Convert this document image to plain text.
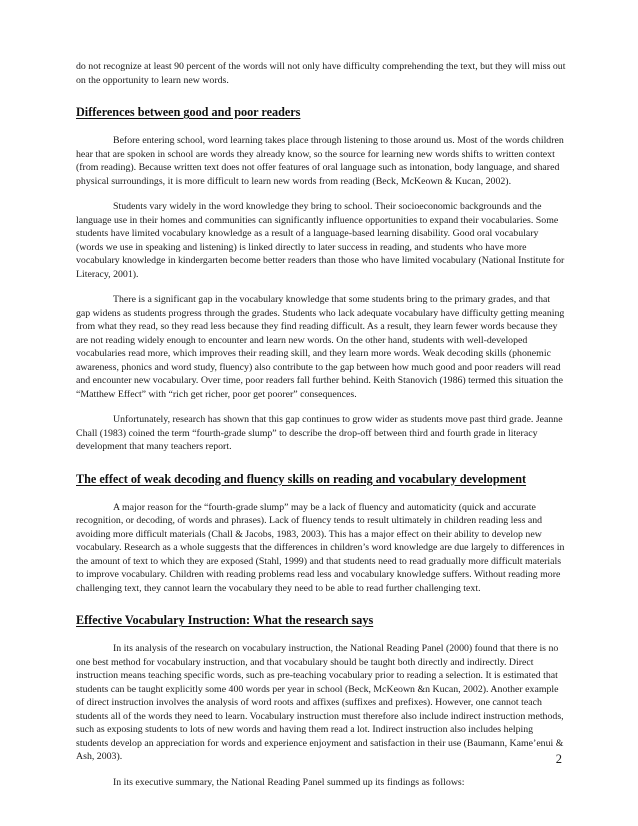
do not recognize at least 90 percent of the words will not only have difficulty comprehending the text, but they will miss out on the opportunity to learn new words.

Differences between good and poor readers

Before entering school, word learning takes place through listening to those around us. Most of the words children hear that are spoken in school are words they already know, so the source for learning new words shifts to written context (from reading). Because written text does not offer features of oral language such as intonation, body language, and shared physical surroundings, it is more difficult to learn new words from reading (Beck, McKeown & Kucan, 2002).

Students vary widely in the word knowledge they bring to school. Their socioeconomic backgrounds and the language use in their homes and communities can significantly influence opportunities to expand their vocabularies. Some students have limited vocabulary knowledge as a result of a language-based learning disability. Good oral vocabulary (words we use in speaking and listening) is linked directly to later success in reading, and students who have more vocabulary knowledge in kindergarten become better readers than those who have limited vocabulary (National Institute for Literacy, 2001).

There is a significant gap in the vocabulary knowledge that some students bring to the primary grades, and that gap widens as students progress through the grades. Students who lack adequate vocabulary have difficulty getting meaning from what they read, so they read less because they find reading difficult. As a result, they learn fewer words because they are not reading widely enough to encounter and learn new words. On the other hand, students with well-developed vocabularies read more, which improves their reading skill, and they learn more words. Weak decoding skills (phonemic awareness, phonics and word study, fluency) also contribute to the gap between how much good and poor readers will read and encounter new vocabulary. Over time, poor readers fall further behind. Keith Stanovich (1986) termed this situation the “Matthew Effect” with “rich get richer, poor get poorer” consequences.

Unfortunately, research has shown that this gap continues to grow wider as students move past third grade. Jeanne Chall (1983) coined the term “fourth-grade slump” to describe the drop-off between third and fourth grade in literacy development that many teachers report.

The effect of weak decoding and fluency skills on reading and vocabulary development

A major reason for the “fourth-grade slump” may be a lack of fluency and automaticity (quick and accurate recognition, or decoding, of words and phrases). Lack of fluency tends to result ultimately in children reading less and avoiding more difficult materials (Chall & Jacobs, 1983, 2003). This has a major effect on their ability to develop new vocabulary. Research as a whole suggests that the differences in children’s word knowledge are due largely to differences in the amount of text to which they are exposed (Stahl, 1999) and that students need to read gradually more difficult materials to improve vocabulary. Children with reading problems read less and vocabulary knowledge suffers. Without reading more challenging text, they cannot learn the vocabulary they need to be able to read further challenging text.

Effective Vocabulary Instruction: What the research says

In its analysis of the research on vocabulary instruction, the National Reading Panel (2000) found that there is no one best method for vocabulary instruction, and that vocabulary should be taught both directly and indirectly. Direct instruction means teaching specific words, such as pre-teaching vocabulary prior to reading a selection. It is estimated that students can be taught explicitly some 400 words per year in school (Beck, McKeown &n Kucan, 2002). Another example of direct instruction involves the analysis of word roots and affixes (suffixes and prefixes). However, one cannot teach students all of the words they need to learn. Vocabulary instruction must therefore also include indirect instruction methods, such as exposing students to lots of new words and having them read a lot. Indirect instruction also includes helping students develop an appreciation for words and experience enjoyment and satisfaction in their use (Baumann, Kame’enui & Ash, 2003).

In its executive summary, the National Reading Panel summed up its findings as follows:

2
